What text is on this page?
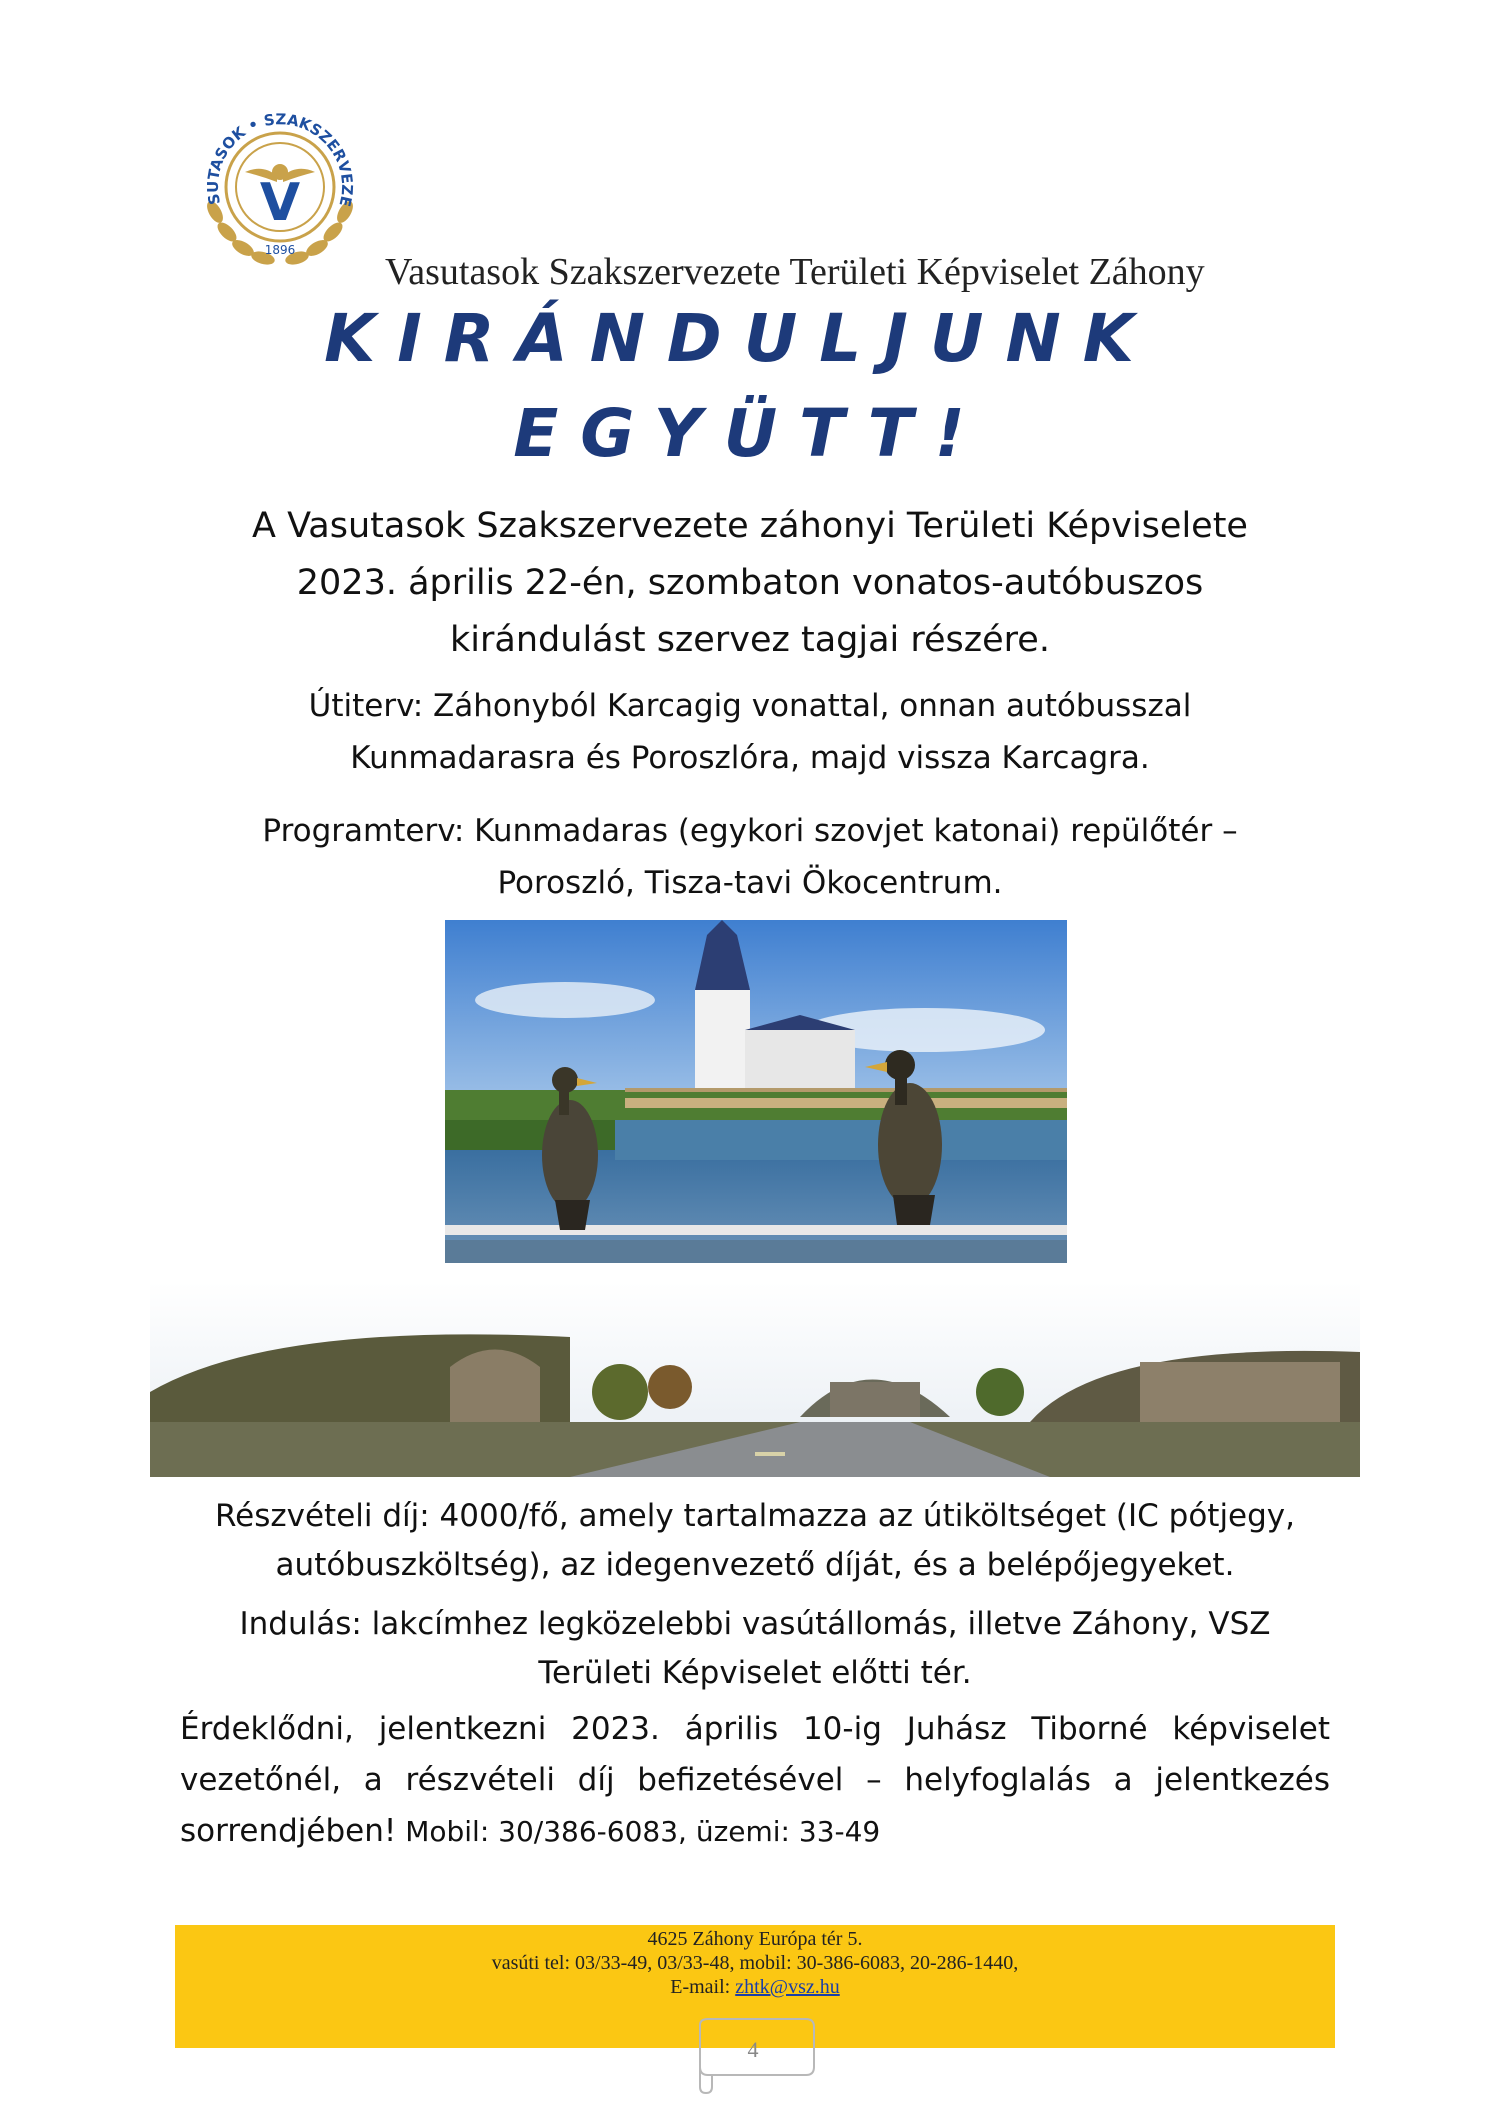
SUTASOK • SZAKSZERVEZE
V
1896
Vasutasok Szakszervezete Területi Képviselet Záhony
KIRÁNDULJUNK
EGYÜTT!
A Vasutasok Szakszervezete záhonyi Területi Képviselete
2023. április 22-én, szombaton vonatos-autóbuszos
kirándulást szervez tagjai részére.
Útiterv: Záhonyból Karcagig vonattal, onnan autóbusszal
Kunmadarasra és Poroszlóra, majd vissza Karcagra.
Programterv: Kunmadaras (egykori szovjet katonai) repülőtér –
Poroszló, Tisza-tavi Ökocentrum.
Részvételi díj: 4000/fő, amely tartalmazza az útiköltséget (IC pótjegy,
autóbuszköltség), az idegenvezető díját, és a belépőjegyeket.
Indulás: lakcímhez legközelebbi vasútállomás, illetve Záhony, VSZ
Területi Képviselet előtti tér.
Érdeklődni, jelentkezni 2023. április 10-ig Juhász Tiborné képviselet
vezetőnél, a részvételi díj befizetésével – helyfoglalás a jelentkezés
sorrendjében! Mobil: 30/386-6083, üzemi: 33-49
4625 Záhony Európa tér 5.
vasúti tel: 03/33-49, 03/33-48, mobil: 30-386-6083, 20-286-1440,
E-mail: zhtk@vsz.hu
4
